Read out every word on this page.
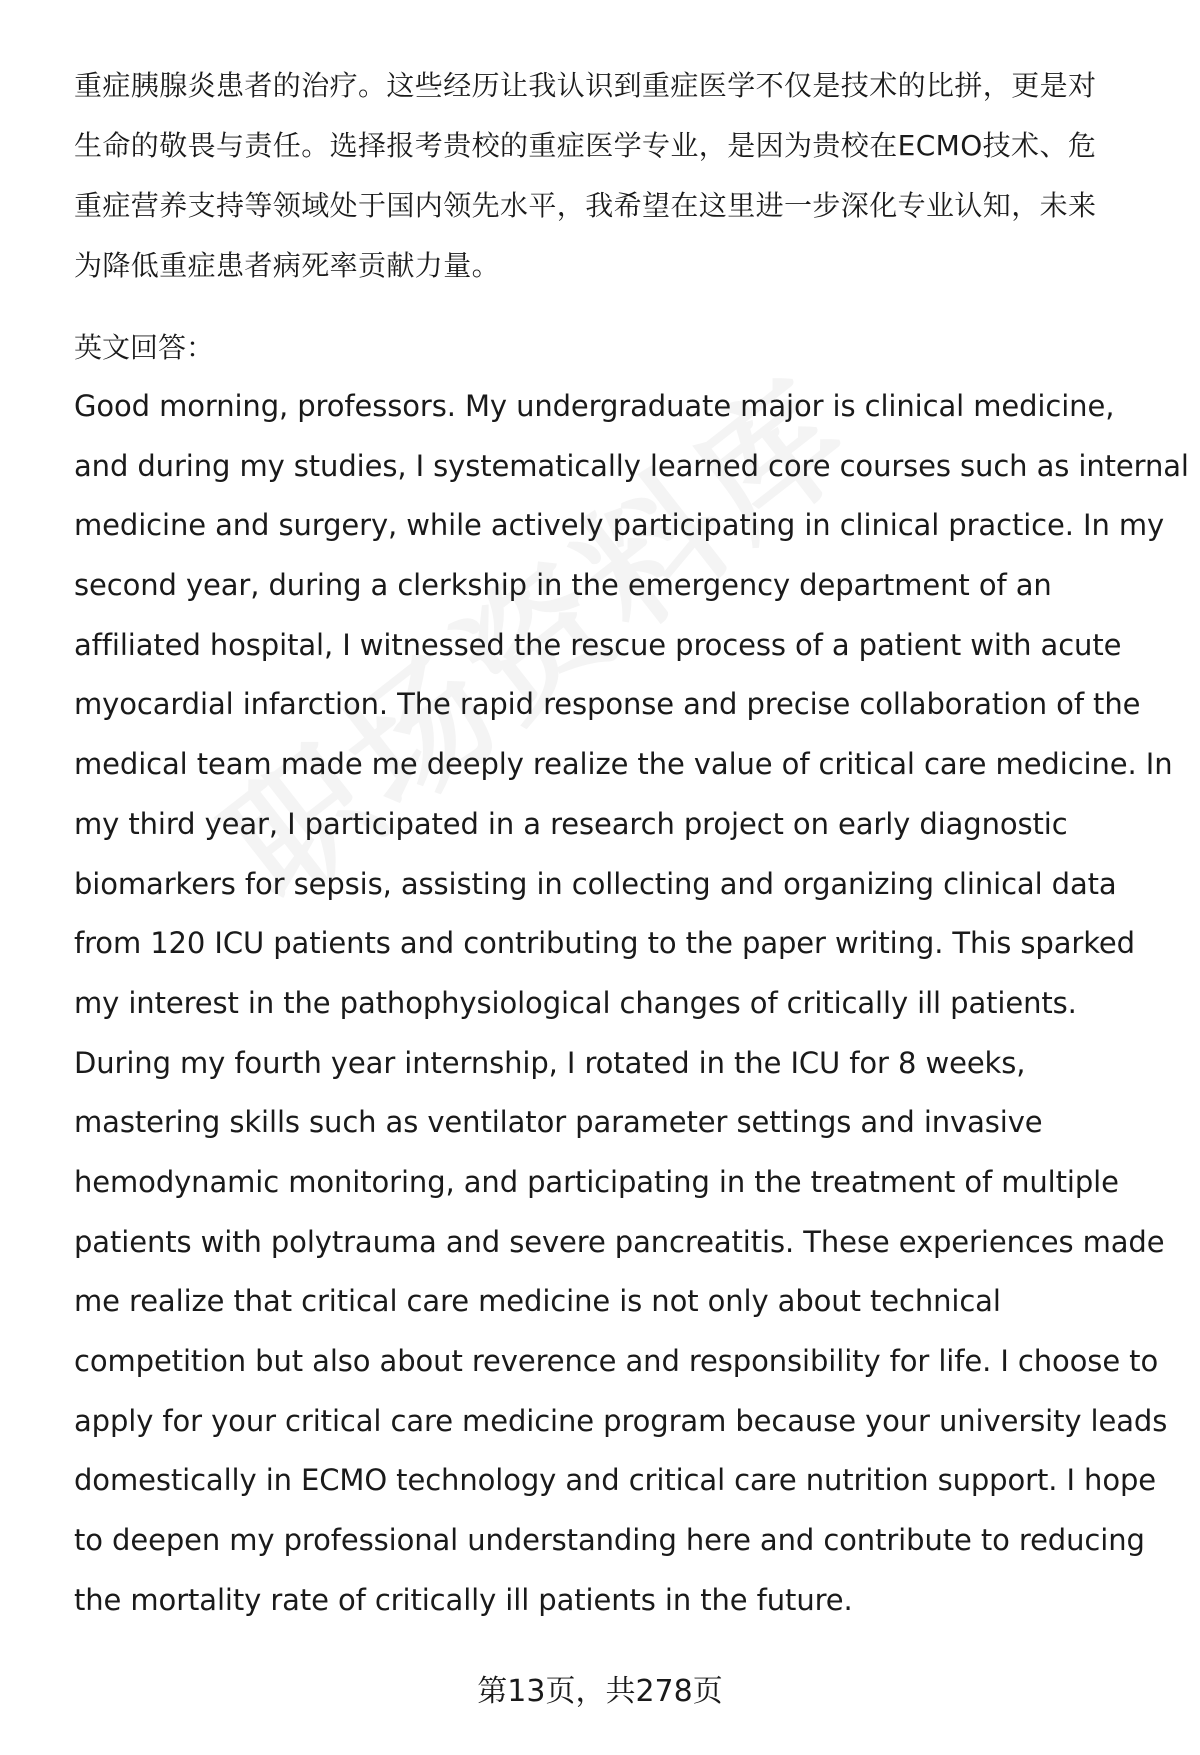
重症胰腺炎患者的治疗。这些经历让我认识到重症医学不仅是技术的比拼，更是对
生命的敬畏与责任。选择报考贵校的重症医学专业，是因为贵校在ECMO技术、危
重症营养支持等领域处于国内领先水平，我希望在这里进一步深化专业认知，未来
为降低重症患者病死率贡献力量。
英文回答：
Good morning, professors. My undergraduate major is clinical medicine,
and during my studies, I systematically learned core courses such as internal
medicine and surgery, while actively participating in clinical practice. In my
second year, during a clerkship in the emergency department of an
affiliated hospital, I witnessed the rescue process of a patient with acute
myocardial infarction. The rapid response and precise collaboration of the
medical team made me deeply realize the value of critical care medicine. In
my third year, I participated in a research project on early diagnostic
biomarkers for sepsis, assisting in collecting and organizing clinical data
from 120 ICU patients and contributing to the paper writing. This sparked
my interest in the pathophysiological changes of critically ill patients.
During my fourth year internship, I rotated in the ICU for 8 weeks,
mastering skills such as ventilator parameter settings and invasive
hemodynamic monitoring, and participating in the treatment of multiple
patients with polytrauma and severe pancreatitis. These experiences made
me realize that critical care medicine is not only about technical
competition but also about reverence and responsibility for life. I choose to
apply for your critical care medicine program because your university leads
domestically in ECMO technology and critical care nutrition support. I hope
to deepen my professional understanding here and contribute to reducing
the mortality rate of critically ill patients in the future.
第13页，共278页
